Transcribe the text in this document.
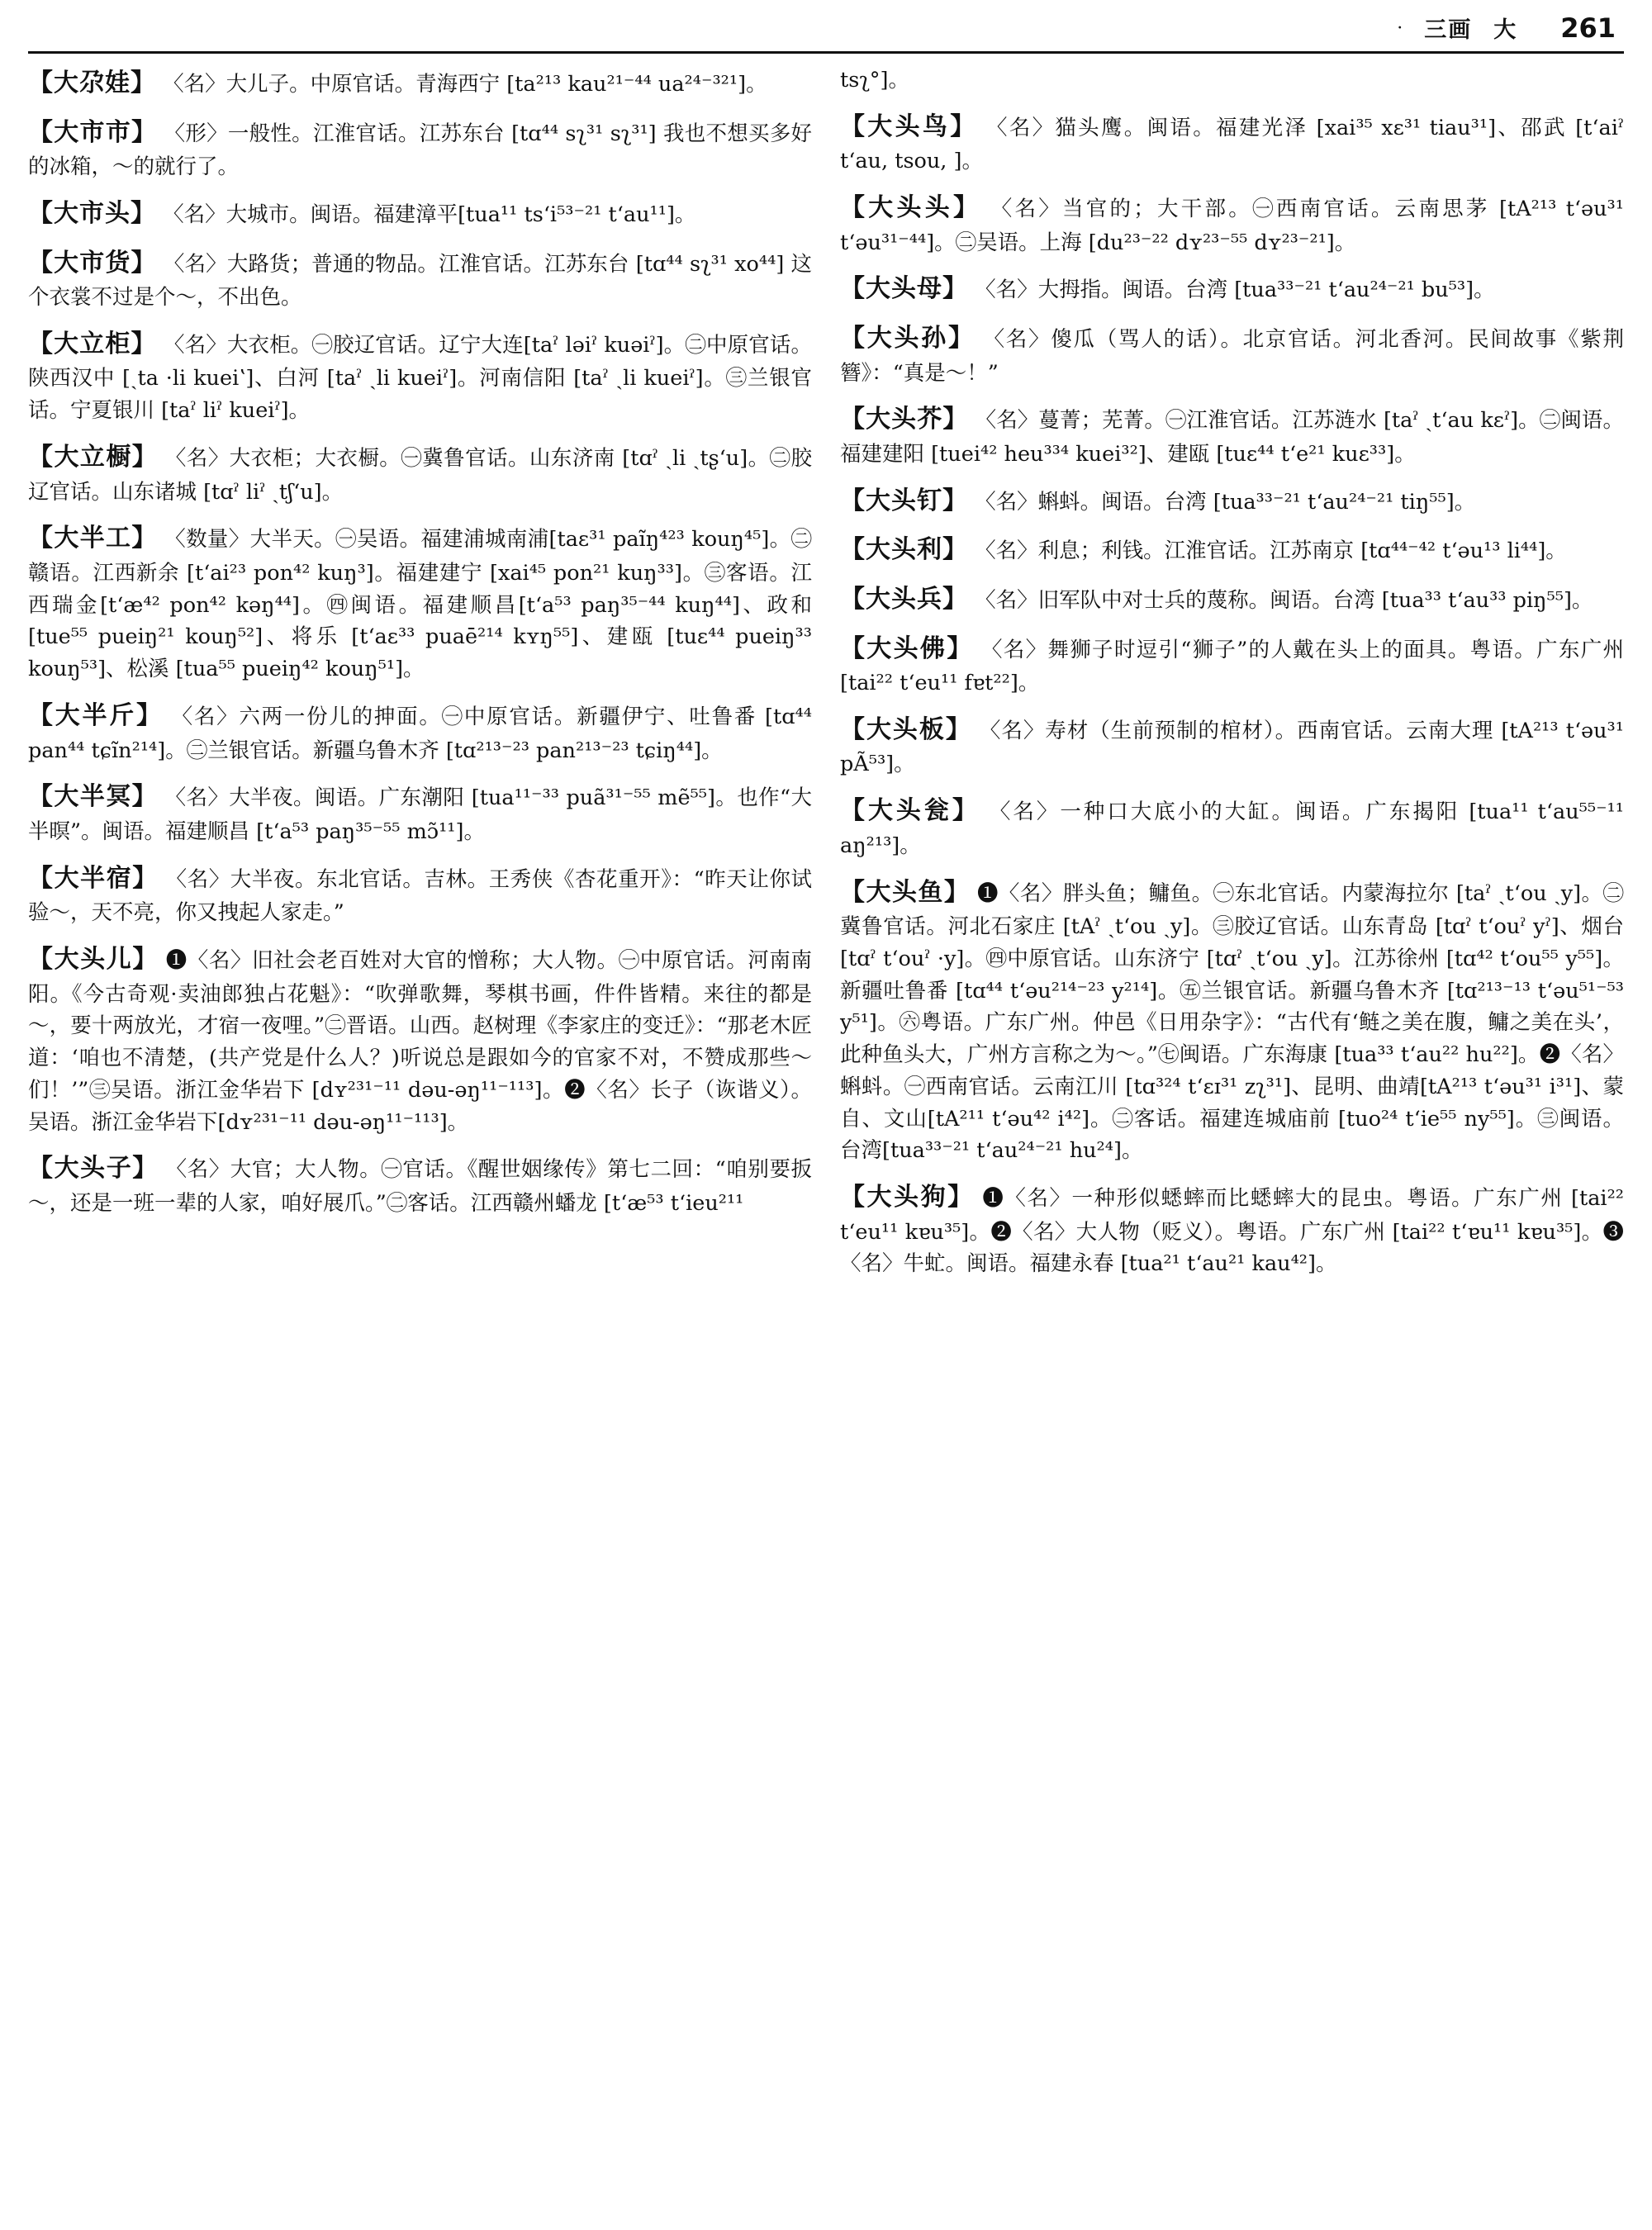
· 三画 大 261
【大尕娃】 〈名〉大儿子。中原官话。青海西宁 [ta²¹³ kau²¹⁻⁴⁴ ua²⁴⁻³²¹]。
【大市市】 〈形〉一般性。江淮官话。江苏东台 [tɑ⁴⁴ sʅ³¹ sʅ³¹] 我也不想买多好的冰箱，～的就行了。
【大市头】 〈名〉大城市。闽语。福建漳平[tua¹¹ tsʻi⁵³⁻²¹ tʻau¹¹]。
【大市货】 〈名〉大路货；普通的物品。江淮官话。江苏东台 [tɑ⁴⁴ sʅ³¹ xo⁴⁴] 这个衣裳不过是个～，不出色。
【大立柜】 〈名〉大衣柜。㊀胶辽官话。辽宁大连[taˀ ləiˀ kuəiˀ]。㊁中原官话。陕西汉中 [ˏta ·li kueiʽ]、白河 [taˀ ˏli kueiˀ]。河南信阳 [taˀ ˏli kueiˀ]。㊂兰银官话。宁夏银川 [taˀ liˀ kueiˀ]。
【大立橱】 〈名〉大衣柜；大衣橱。㊀冀鲁官话。山东济南 [tɑˀ ˏli ˏtʂʻu]。㊁胶辽官话。山东诸城 [tɑˀ liˀ ˏtʃʻu]。
【大半工】 〈数量〉大半天。㊀吴语。福建浦城南浦[taɛ³¹ paĩŋ⁴²³ kouŋ⁴⁵]。㊁赣语。江西新余 [tʻai²³ pon⁴² kuŋ³]。福建建宁 [xai⁴⁵ pon²¹ kuŋ³³]。㊂客语。江西瑞金[tʻæ⁴² pon⁴² kəŋ⁴⁴]。㊃闽语。福建顺昌[tʻa⁵³ paŋ³⁵⁻⁴⁴ kuŋ⁴⁴]、政和 [tue⁵⁵ pueiŋ²¹ kouŋ⁵²]、将乐 [tʻaɛ³³ puaē²¹⁴ kʏŋ⁵⁵]、建瓯 [tuɛ⁴⁴ pueiŋ³³ kouŋ⁵³]、松溪 [tua⁵⁵ pueiŋ⁴² kouŋ⁵¹]。
【大半斤】 〈名〉六两一份儿的抻面。㊀中原官话。新疆伊宁、吐鲁番 [tɑ⁴⁴ pan⁴⁴ tɕĩn²¹⁴]。㊁兰银官话。新疆乌鲁木齐 [tɑ²¹³⁻²³ pan²¹³⁻²³ tɕiŋ⁴⁴]。
【大半冥】 〈名〉大半夜。闽语。广东潮阳 [tua¹¹⁻³³ puã³¹⁻⁵⁵ mẽ⁵⁵]。也作“大半暝”。闽语。福建顺昌 [tʻa⁵³ paŋ³⁵⁻⁵⁵ mɔ̃¹¹]。
【大半宿】 〈名〉大半夜。东北官话。吉林。王秀侠《杏花重开》：“昨天让你试验～，天不亮，你又拽起人家走。”
【大头儿】 ❶〈名〉旧社会老百姓对大官的憎称；大人物。㊀中原官话。河南南阳。《今古奇观·卖油郎独占花魁》：“吹弹歌舞，琴棋书画，件件皆精。来往的都是～，要十两放光，才宿一夜哩。”㊁晋语。山西。赵树理《李家庄的变迁》：“那老木匠道：‘咱也不清楚，(共产党是什么人？)听说总是跟如今的官家不对，不赞成那些～们！’”㊂吴语。浙江金华岩下 [dʏ²³¹⁻¹¹ dəu-əŋ¹¹⁻¹¹³]。❷〈名〉长子（诙谐义）。吴语。浙江金华岩下[dʏ²³¹⁻¹¹ dəu-əŋ¹¹⁻¹¹³]。
【大头子】 〈名〉大官；大人物。㊀官话。《醒世姻缘传》第七二回：“咱别要扳～，还是一班一辈的人家，咱好展爪。”㊁客话。江西赣州蟠龙 [tʻæ⁵³ tʻieu²¹¹
tsʅ°]。
【大头鸟】 〈名〉猫头鹰。闽语。福建光泽 [xai³⁵ xɛ³¹ tiau³¹]、邵武 [tʻaiˀ tʻau, tsou, ]。
【大头头】 〈名〉当官的；大干部。㊀西南官话。云南思茅 [tA²¹³ tʻəu³¹ tʻəu³¹⁻⁴⁴]。㊁吴语。上海 [du²³⁻²² dʏ²³⁻⁵⁵ dʏ²³⁻²¹]。
【大头母】 〈名〉大拇指。闽语。台湾 [tua³³⁻²¹ tʻau²⁴⁻²¹ bu⁵³]。
【大头孙】 〈名〉傻瓜（骂人的话）。北京官话。河北香河。民间故事《紫荆簪》：“真是～！”
【大头芥】 〈名〉蔓菁；芜菁。㊀江淮官话。江苏涟水 [taˀ ˏtʻau kɛˀ]。㊁闽语。福建建阳 [tuei⁴² heu³³⁴ kuei³²]、建瓯 [tuɛ⁴⁴ tʻe²¹ kuɛ³³]。
【大头钉】 〈名〉蝌蚪。闽语。台湾 [tua³³⁻²¹ tʻau²⁴⁻²¹ tiŋ⁵⁵]。
【大头利】 〈名〉利息；利钱。江淮官话。江苏南京 [tɑ⁴⁴⁻⁴² tʻəu¹³ li⁴⁴]。
【大头兵】 〈名〉旧军队中对士兵的蔑称。闽语。台湾 [tua³³ tʻau³³ piŋ⁵⁵]。
【大头佛】 〈名〉舞狮子时逗引“狮子”的人戴在头上的面具。粤语。广东广州 [tai²² tʻeu¹¹ fɐt²²]。
【大头板】 〈名〉寿材（生前预制的棺材）。西南官话。云南大理 [tA²¹³ tʻəu³¹ pÃ⁵³]。
【大头瓮】 〈名〉一种口大底小的大缸。闽语。广东揭阳 [tua¹¹ tʻau⁵⁵⁻¹¹ aŋ²¹³]。
【大头鱼】 ❶〈名〉胖头鱼；鳙鱼。㊀东北官话。内蒙海拉尔 [taˀ ˏtʻou ˏy]。㊁冀鲁官话。河北石家庄 [tAˀ ˏtʻou ˏy]。㊂胶辽官话。山东青岛 [tɑˀ tʻouˀ yˀ]、烟台[tɑˀ tʻouˀ ·y]。㊃中原官话。山东济宁 [tɑˀ ˏtʻou ˏy]。江苏徐州 [tɑ⁴² tʻou⁵⁵ y⁵⁵]。新疆吐鲁番 [tɑ⁴⁴ tʻəu²¹⁴⁻²³ y²¹⁴]。㊄兰银官话。新疆乌鲁木齐 [tɑ²¹³⁻¹³ tʻəu⁵¹⁻⁵³ y⁵¹]。㊅粤语。广东广州。仲邑《日用杂字》：“古代有‘鲢之美在腹，鳙之美在头’，此种鱼头大，广州方言称之为～。”㊆闽语。广东海康 [tua³³ tʻau²² hu²²]。❷〈名〉蝌蚪。㊀西南官话。云南江川 [tɑ³²⁴ tʻɛɪ³¹ zʅ³¹]、昆明、曲靖[tA²¹³ tʻəu³¹ i³¹]、蒙自、文山[tA²¹¹ tʻəu⁴² i⁴²]。㊁客话。福建连城庙前 [tuo²⁴ tʻie⁵⁵ ny⁵⁵]。㊂闽语。台湾[tua³³⁻²¹ tʻau²⁴⁻²¹ hu²⁴]。
【大头狗】 ❶〈名〉一种形似蟋蟀而比蟋蟀大的昆虫。粤语。广东广州 [tai²² tʻeu¹¹ kɐu³⁵]。❷〈名〉大人物（贬义）。粤语。广东广州 [tai²² tʻɐu¹¹ kɐu³⁵]。❸〈名〉牛虻。闽语。福建永春 [tua²¹ tʻau²¹ kau⁴²]。
